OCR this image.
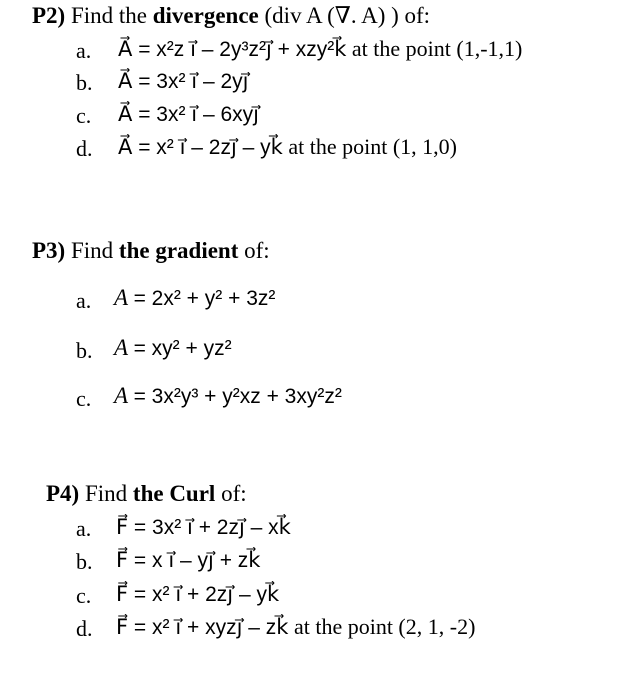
P2) Find the divergence (div A (∇. A) ) of:
a.	A⃗ = x²z ı⃗ – 2y³z²ȷ⃗ + xzy²k⃗ at the point (1,-1,1)
b.	A⃗ = 3x² ı⃗ – 2yȷ⃗
c.	A⃗ = 3x² ı⃗ – 6xyȷ⃗
d.	A⃗ = x² ı⃗ – 2zȷ⃗ – yk⃗ at the point (1, 1,0)
P3) Find the gradient of:
a. A = 2x² + y² + 3z²
b. A = xy² + yz²
c. A = 3x²y³ + y²xz + 3xy²z²
P4) Find the Curl of:
a.	F⃗ = 3x² ı⃗ + 2zȷ⃗ – xk⃗
b.	F⃗ = x ı⃗ – yȷ⃗ + zk⃗
c.	F⃗ = x² ı⃗ + 2zȷ⃗ – yk⃗
d.	F⃗ = x² ı⃗ + xyzȷ⃗ – zk⃗ at the point (2, 1, -2)
